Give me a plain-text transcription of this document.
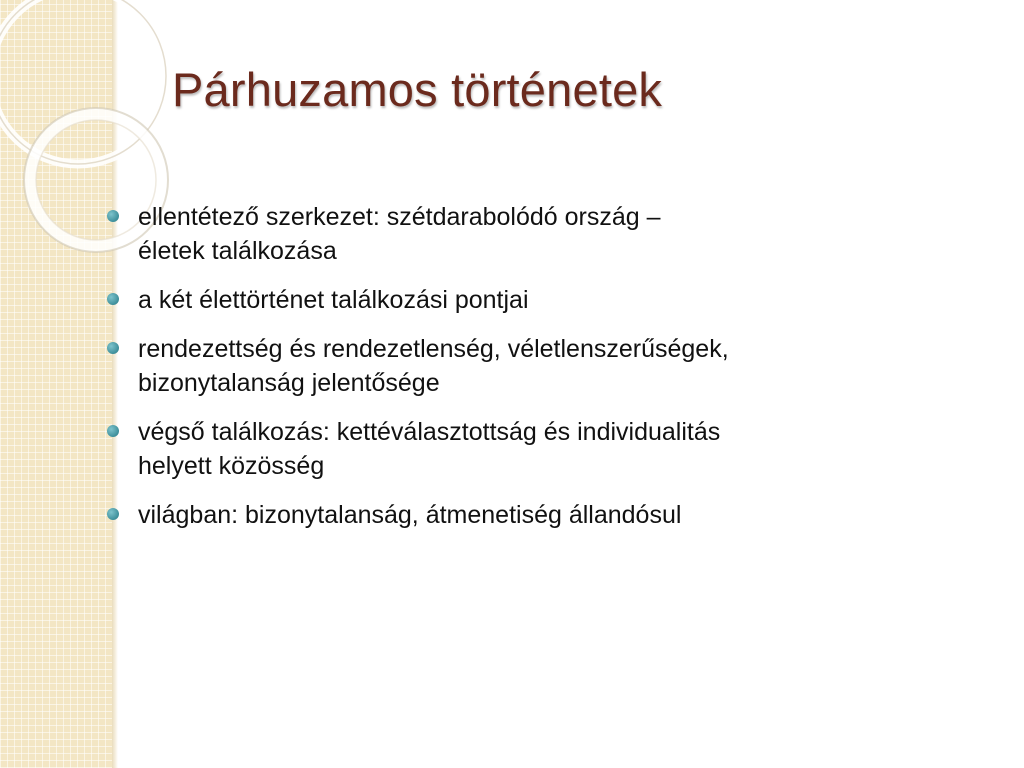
Párhuzamos történetek
ellentétező szerkezet: szétdarabolódó ország –
életek találkozása
a két élettörténet találkozási pontjai
rendezettség és rendezetlenség, véletlenszerűségek,
bizonytalanság jelentősége
végső találkozás: kettéválasztottság és individualitás
helyett közösség
világban: bizonytalanság, átmenetiség állandósul
